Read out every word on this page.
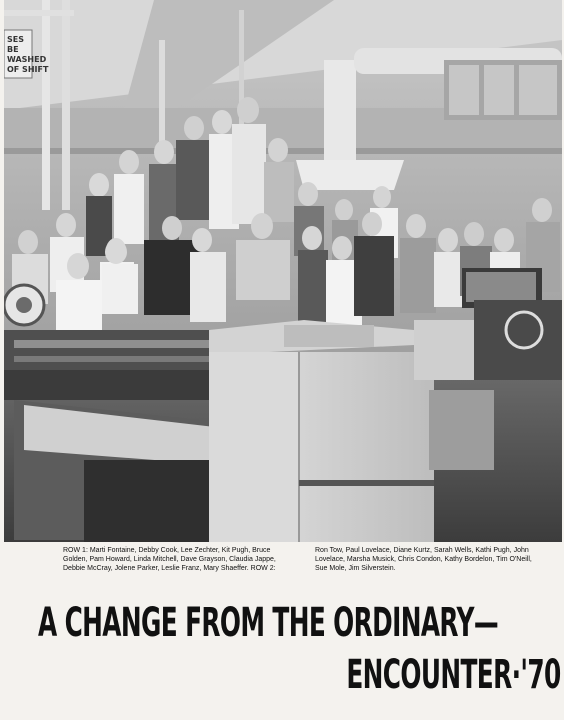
SES
BE
WASHED
OF SHIFT
ROW 1: Marti Fontaine, Debby Cook, Lee Zechter, Kit Pugh, Bruce Golden, Pam Howard, Linda Mitchell, Dave Grayson, Claudia Jappe, Debbie McCray, Jolene Parker, Leslie Franz, Mary Shaeffer. ROW 2:
Ron Tow, Paul Lovelace, Diane Kurtz, Sarah Wells, Kathi Pugh, John Lovelace, Marsha Musick, Chris Condon, Kathy Bordelon, Tim O'Neill, Sue Mole, Jim Silverstein.
A CHANGE FROM THE ORDINARY—
ENCOUNTER·'70
